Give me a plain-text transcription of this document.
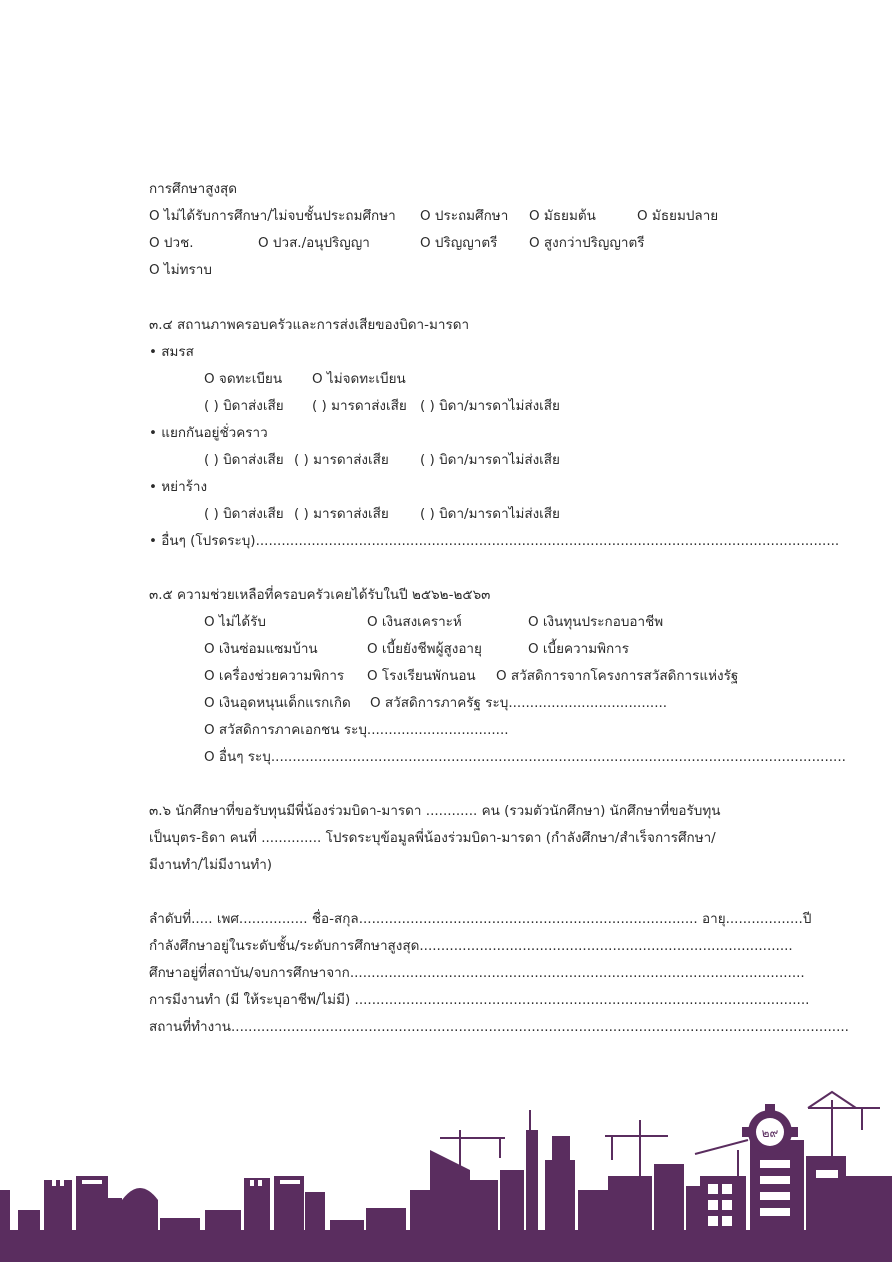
การศึกษาสูงสุด
O ไม่ได้รับการศึกษา/ไม่จบชั้นประถมศึกษา O ประถมศึกษา O มัธยมต้น	O มัธยมปลาย
O ปวช.	O ปวส./อนุปริญญา	O ปริญญาตรี O สูงกว่าปริญญาตรี
O ไม่ทราบ
๓.๔ สถานภาพครอบครัวและการส่งเสียของบิดา-มารดา
• สมรส
O จดทะเบียน O ไม่จดทะเบียน
( ) บิดาส่งเสีย ( ) มารดาส่งเสีย ( ) บิดา/มารดาไม่ส่งเสีย
• แยกกันอยู่ชั่วคราว
( ) บิดาส่งเสีย ( ) มารดาส่งเสีย ( ) บิดา/มารดาไม่ส่งเสีย
• หย่าร้าง
( ) บิดาส่งเสีย ( ) มารดาส่งเสีย ( ) บิดา/มารดาไม่ส่งเสีย
• อื่นๆ (โปรดระบุ)........................................................................................................................................
๓.๕ ความช่วยเหลือที่ครอบครัวเคยได้รับในปี ๒๕๖๒-๒๕๖๓
O ไม่ได้รับ	O เงินสงเคราะห์	O เงินทุนประกอบอาชีพ
O เงินซ่อมแซมบ้าน	O เบี้ยยังชีพผู้สูงอายุ	O เบี้ยความพิการ
O เครื่องช่วยความพิการ O โรงเรียนพักนอน O สวัสดิการจากโครงการสวัสดิการแห่งรัฐ
O เงินอุดหนุนเด็กแรกเกิด O สวัสดิการภาครัฐ ระบุ.....................................
O สวัสดิการภาคเอกชน ระบุ.................................
O อื่นๆ ระบุ......................................................................................................................................
๓.๖ นักศึกษาที่ขอรับทุนมีพี่น้องร่วมบิดา-มารดา ............ คน (รวมตัวนักศึกษา) นักศึกษาที่ขอรับทุน
เป็นบุตร-ธิดา คนที่ .............. โปรดระบุข้อมูลพี่น้องร่วมบิดา-มารดา (กำลังศึกษา/สำเร็จการศึกษา/
มีงานทำ/ไม่มีงานทำ)
ลำดับที่..... เพศ................ ชื่อ-สกุล............................................................................... อายุ..................ปี
กำลังศึกษาอยู่ในระดับชั้น/ระดับการศึกษาสูงสุด.......................................................................................
ศึกษาอยู่ที่สถาบัน/จบการศึกษาจาก..........................................................................................................
การมีงานทำ (มี ให้ระบุอาชีพ/ไม่มี) ..........................................................................................................
สถานที่ทำงาน................................................................................................................................................
๒๙
